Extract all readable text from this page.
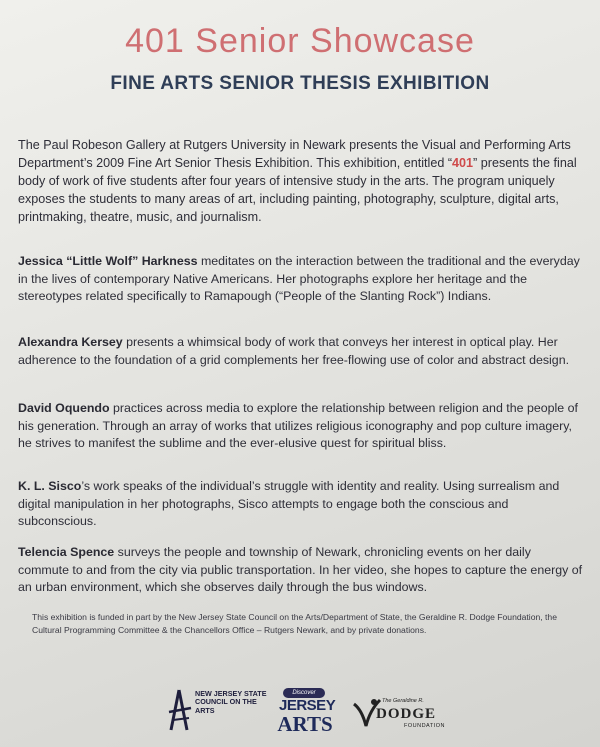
401 Senior Showcase
FINE ARTS SENIOR THESIS EXHIBITION
The Paul Robeson Gallery at Rutgers University in Newark presents the Visual and Performing Arts Department’s 2009 Fine Art Senior Thesis Exhibition. This exhibition, entitled “401” presents the final body of work of five students after four years of intensive study in the arts. The program uniquely exposes the students to many areas of art, including painting, photography, sculpture, digital arts, printmaking, theatre, music, and journalism.
Jessica “Little Wolf” Harkness meditates on the interaction between the traditional and the everyday in the lives of contemporary Native Americans. Her photographs explore her heritage and the stereotypes related specifically to Ramapough (“People of the Slanting Rock”) Indians.
Alexandra Kersey presents a whimsical body of work that conveys her interest in optical play. Her adherence to the foundation of a grid complements her free-flowing use of color and abstract design.
David Oquendo practices across media to explore the relationship between religion and the people of his generation. Through an array of works that utilizes religious iconography and pop culture imagery, he strives to manifest the sublime and the ever-elusive quest for spiritual bliss.
K. L. Sisco’s work speaks of the individual’s struggle with identity and reality. Using surrealism and digital manipulation in her photographs, Sisco attempts to engage both the conscious and subconscious.
Telencia Spence surveys the people and township of Newark, chronicling events on her daily commute to and from the city via public transportation. In her video, she hopes to capture the energy of an urban environment, which she observes daily through the bus windows.
This exhibition is funded in part by the New Jersey State Council on the Arts/Department of State, the Geraldine R. Dodge Foundation, the Cultural Programming Committee & the Chancellors Office – Rutgers Newark, and by private donations.
NEW JERSEY STATE COUNCIL ON THE ARTS
Discover
JERSEY
ARTS
The Geraldine R.
DODGE
FOUNDATION
